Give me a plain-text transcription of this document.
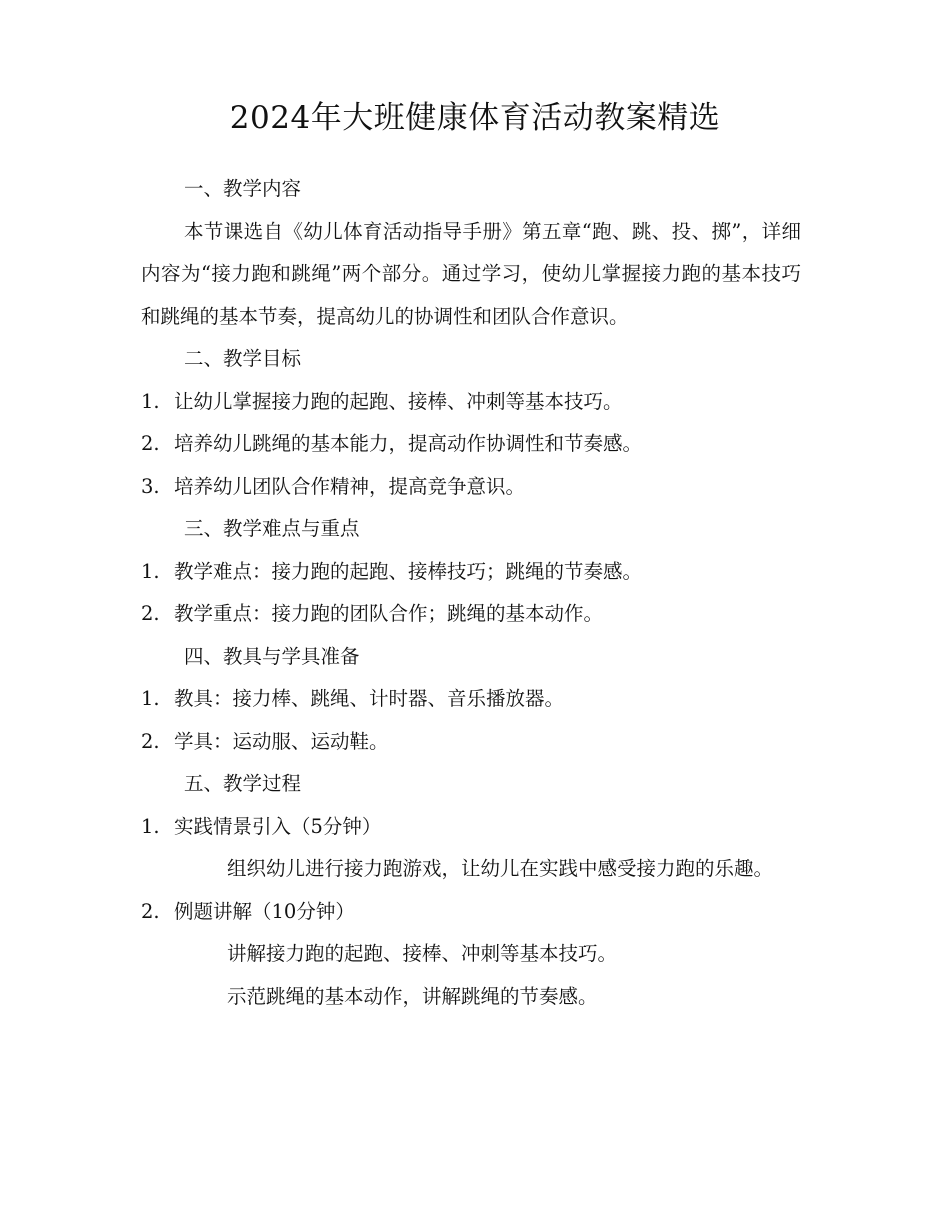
2024年大班健康体育活动教案精选

一、教学内容

本节课选自《幼儿体育活动指导手册》第五章“跑、跳、投、掷”，详细内容为“接力跑和跳绳”两个部分。通过学习，使幼儿掌握接力跑的基本技巧和跳绳的基本节奏，提高幼儿的协调性和团队合作意识。

二、教学目标

1. 让幼儿掌握接力跑的起跑、接棒、冲刺等基本技巧。

2. 培养幼儿跳绳的基本能力，提高动作协调性和节奏感。

3. 培养幼儿团队合作精神，提高竞争意识。

三、教学难点与重点

1. 教学难点：接力跑的起跑、接棒技巧；跳绳的节奏感。

2. 教学重点：接力跑的团队合作；跳绳的基本动作。

四、教具与学具准备

1. 教具：接力棒、跳绳、计时器、音乐播放器。

2. 学具：运动服、运动鞋。

五、教学过程

1. 实践情景引入（5分钟）

组织幼儿进行接力跑游戏，让幼儿在实践中感受接力跑的乐趣。

2. 例题讲解（10分钟）

讲解接力跑的起跑、接棒、冲刺等基本技巧。

示范跳绳的基本动作，讲解跳绳的节奏感。
